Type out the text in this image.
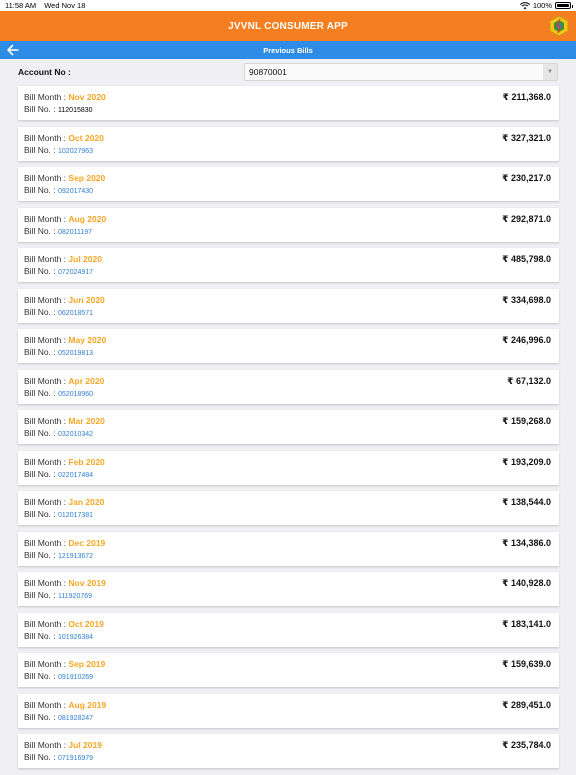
11:58 AM Wed Nov 18	100%
JVVNL CONSUMER APP
Previous Bills
Account No :	90870001	▼
Bill Month : Nov 2020
Bill No. : 112015830
₹ 211,368.0
Bill Month : Oct 2020
Bill No. : 102027963
₹ 327,321.0
Bill Month : Sep 2020
Bill No. : 092017430
₹ 230,217.0
Bill Month : Aug 2020
Bill No. : 082011197
₹ 292,871.0
Bill Month : Jul 2020
Bill No. : 072024917
₹ 485,798.0
Bill Month : Jun 2020
Bill No. : 062018571
₹ 334,698.0
Bill Month : May 2020
Bill No. : 052019813
₹ 246,996.0
Bill Month : Apr 2020
Bill No. : 052018960
₹ 67,132.0
Bill Month : Mar 2020
Bill No. : 032010342
₹ 159,268.0
Bill Month : Feb 2020
Bill No. : 022017484
₹ 193,209.0
Bill Month : Jan 2020
Bill No. : 012017381
₹ 138,544.0
Bill Month : Dec 2019
Bill No. : 121913672
₹ 134,386.0
Bill Month : Nov 2019
Bill No. : 111920769
₹ 140,928.0
Bill Month : Oct 2019
Bill No. : 101926384
₹ 183,141.0
Bill Month : Sep 2019
Bill No. : 091910269
₹ 159,639.0
Bill Month : Aug 2019
Bill No. : 081928247
₹ 289,451.0
Bill Month : Jul 2019
Bill No. : 071916979
₹ 235,784.0
